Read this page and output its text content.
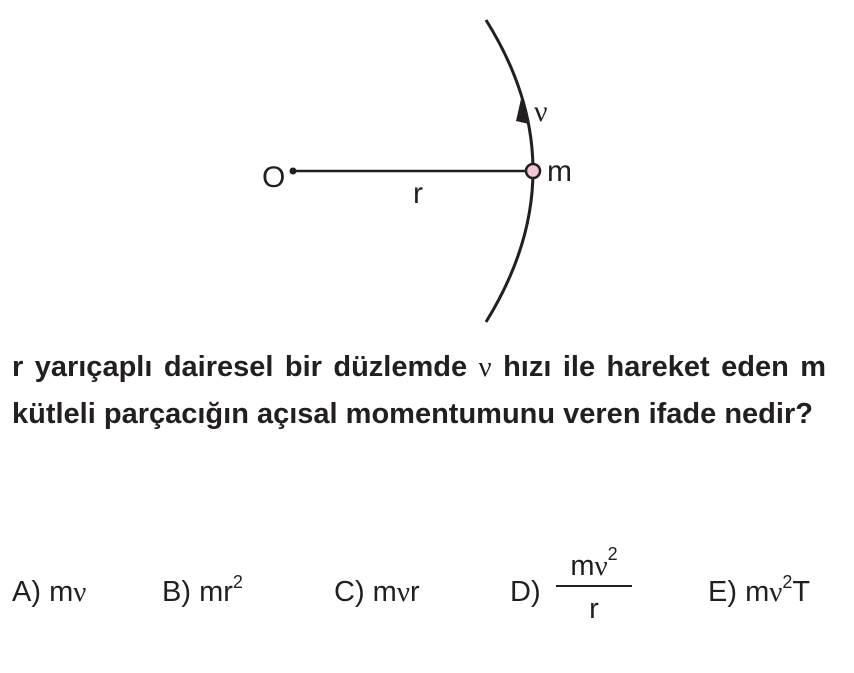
O	r
m
ν

r yarıçaplı dairesel bir düzlemde ν hızı ile hareket eden m kütleli parçacığın açısal momentumunu veren ifade nedir?

A) mν	B) $mr^2$	C) mνr	$D) \frac{m\nu^2}{r}$	E) $m\nu^2T$
